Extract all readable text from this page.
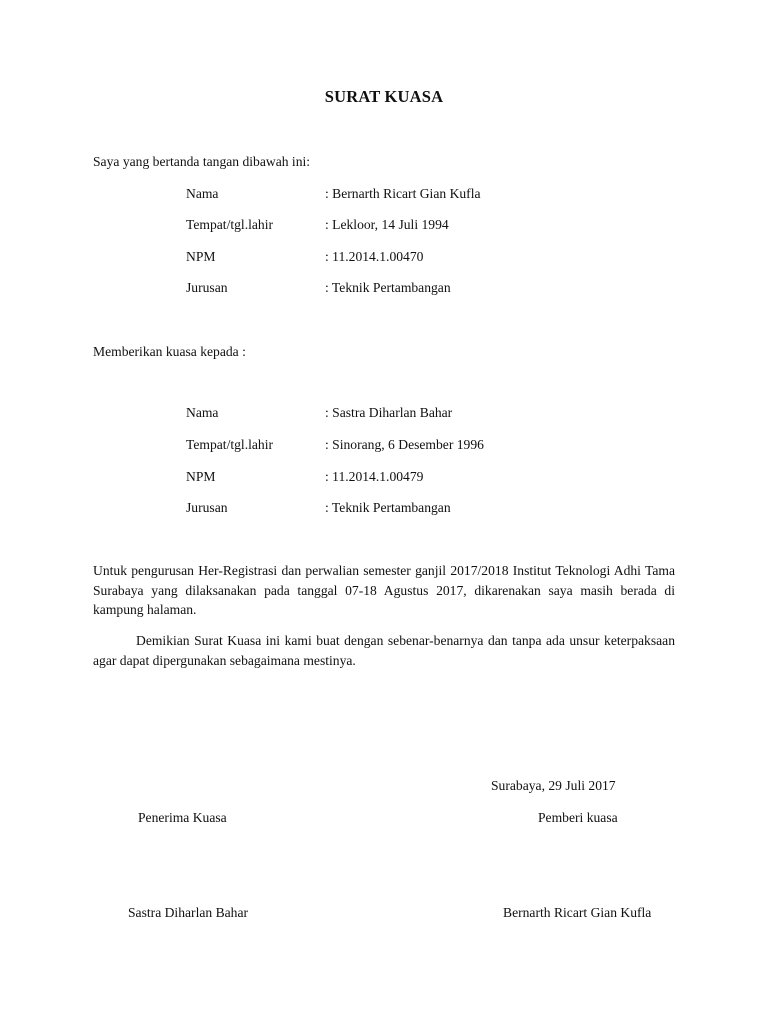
SURAT KUASA
Saya yang bertanda tangan dibawah ini:
Nama	: Bernarth Ricart Gian Kufla
Tempat/tgl.lahir	: Lekloor, 14 Juli 1994
NPM	: 11.2014.1.00470
Jurusan	: Teknik Pertambangan
Memberikan kuasa kepada :
Nama	: Sastra Diharlan Bahar
Tempat/tgl.lahir	: Sinorang, 6 Desember 1996
NPM	: 11.2014.1.00479
Jurusan	: Teknik Pertambangan

Untuk pengurusan Her-Registrasi dan perwalian semester ganjil 2017/2018 Institut Teknologi Adhi Tama Surabaya yang dilaksanakan pada tanggal 07-18 Agustus 2017, dikarenakan saya masih berada di kampung halaman.

Demikian Surat Kuasa ini kami buat dengan sebenar-benarnya dan tanpa ada unsur keterpaksaan agar dapat dipergunakan sebagaimana mestinya.

Surabaya, 29 Juli 2017
Penerima Kuasa	Pemberi kuasa
Sastra Diharlan Bahar	Bernarth Ricart Gian Kufla
